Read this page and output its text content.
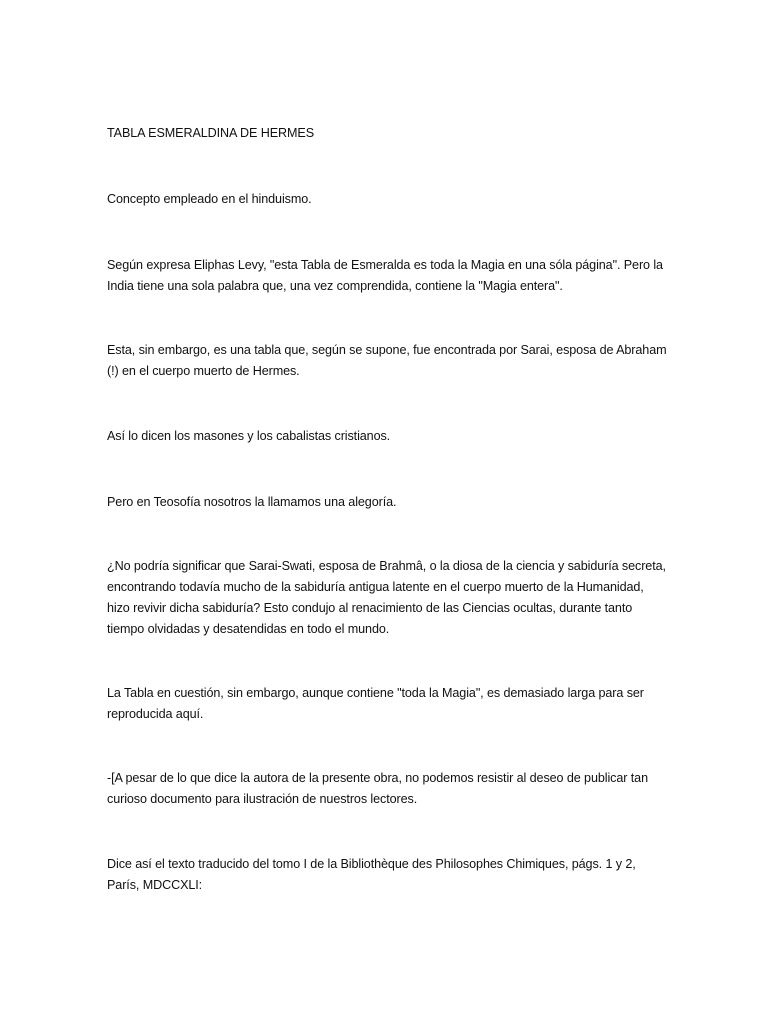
TABLA ESMERALDINA DE HERMES

Concepto empleado en el hinduismo.

Según expresa Eliphas Levy, "esta Tabla de Esmeralda es toda la Magia en una sóla página". Pero la India tiene una sola palabra que, una vez comprendida, contiene la "Magia entera".

Esta, sin embargo, es una tabla que, según se supone, fue encontrada por Sarai, esposa de Abraham (!) en el cuerpo muerto de Hermes.

Así lo dicen los masones y los cabalistas cristianos.

Pero en Teosofía nosotros la llamamos una alegoría.

¿No podría significar que Sarai-Swati, esposa de Brahmâ, o la diosa de la ciencia y sabiduría secreta, encontrando todavía mucho de la sabiduría antigua latente en el cuerpo muerto de la Humanidad, hizo revivir dicha sabiduría? Esto condujo al renacimiento de las Ciencias ocultas, durante tanto tiempo olvidadas y desatendidas en todo el mundo.

La Tabla en cuestión, sin embargo, aunque contiene "toda la Magia", es demasiado larga para ser reproducida aquí.

-[A pesar de lo que dice la autora de la presente obra, no podemos resistir al deseo de publicar tan curioso documento para ilustración de nuestros lectores.

Dice así el texto traducido del tomo I de la Bibliothèque des Philosophes Chimiques, págs. 1 y 2, París, MDCCXLI:
